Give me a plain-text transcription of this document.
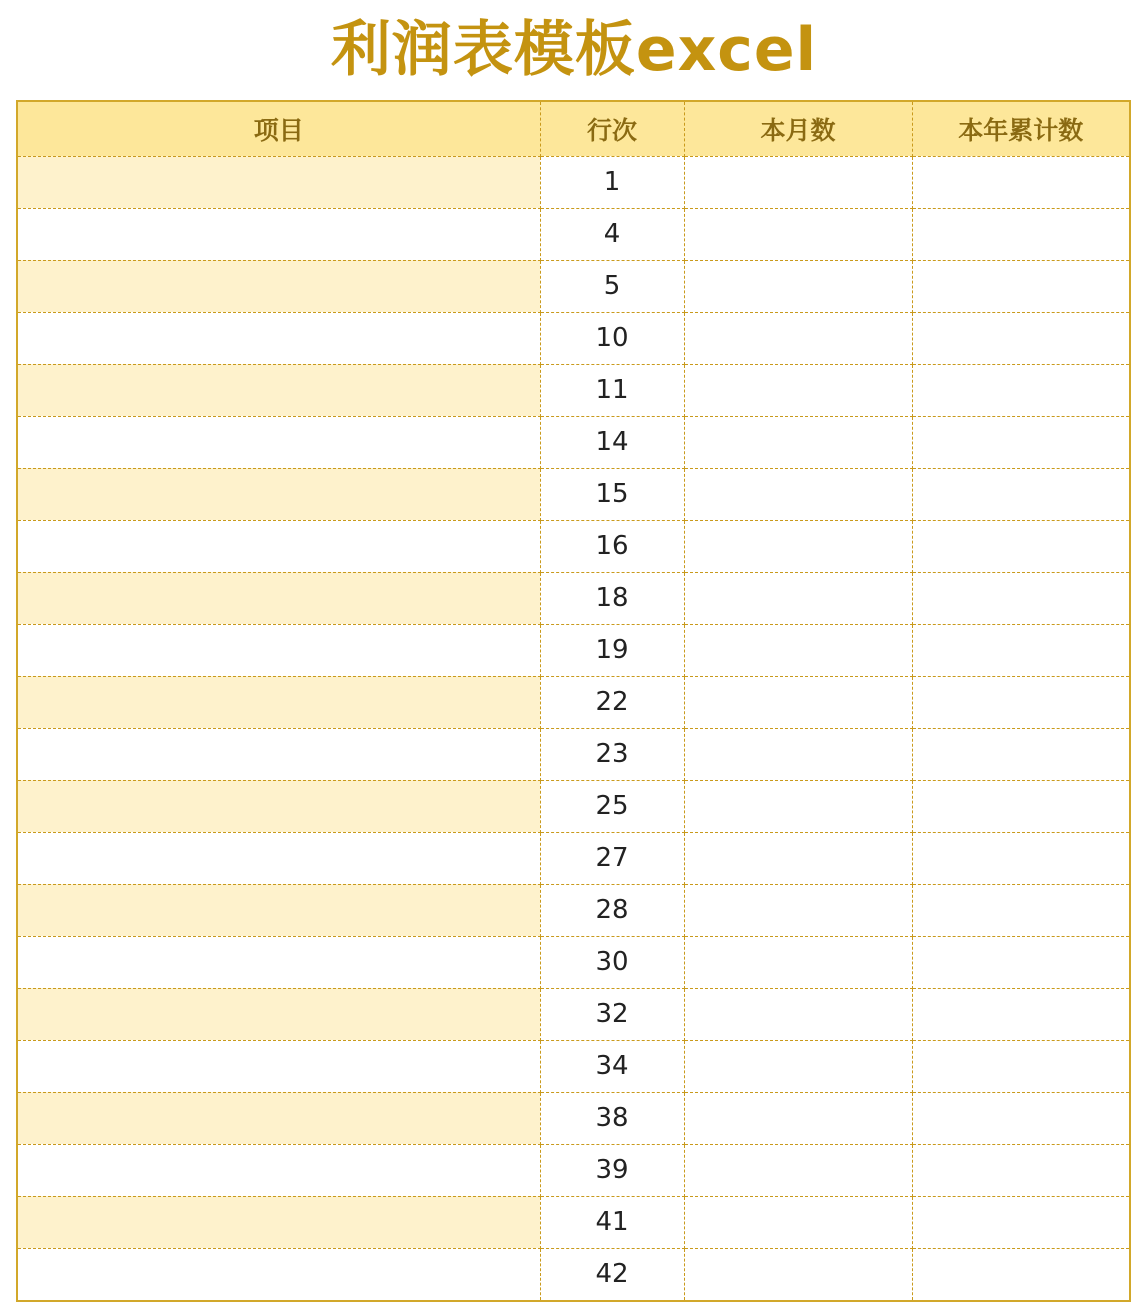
利润表模板excel
项目	行次	本月数	本年累计数
	1		
	4		
	5		
	10		
	11		
	14		
	15		
	16		
	18		
	19		
	22		
	23		
	25		
	27		
	28		
	30		
	32		
	34		
	38		
	39		
	41		
	42		
